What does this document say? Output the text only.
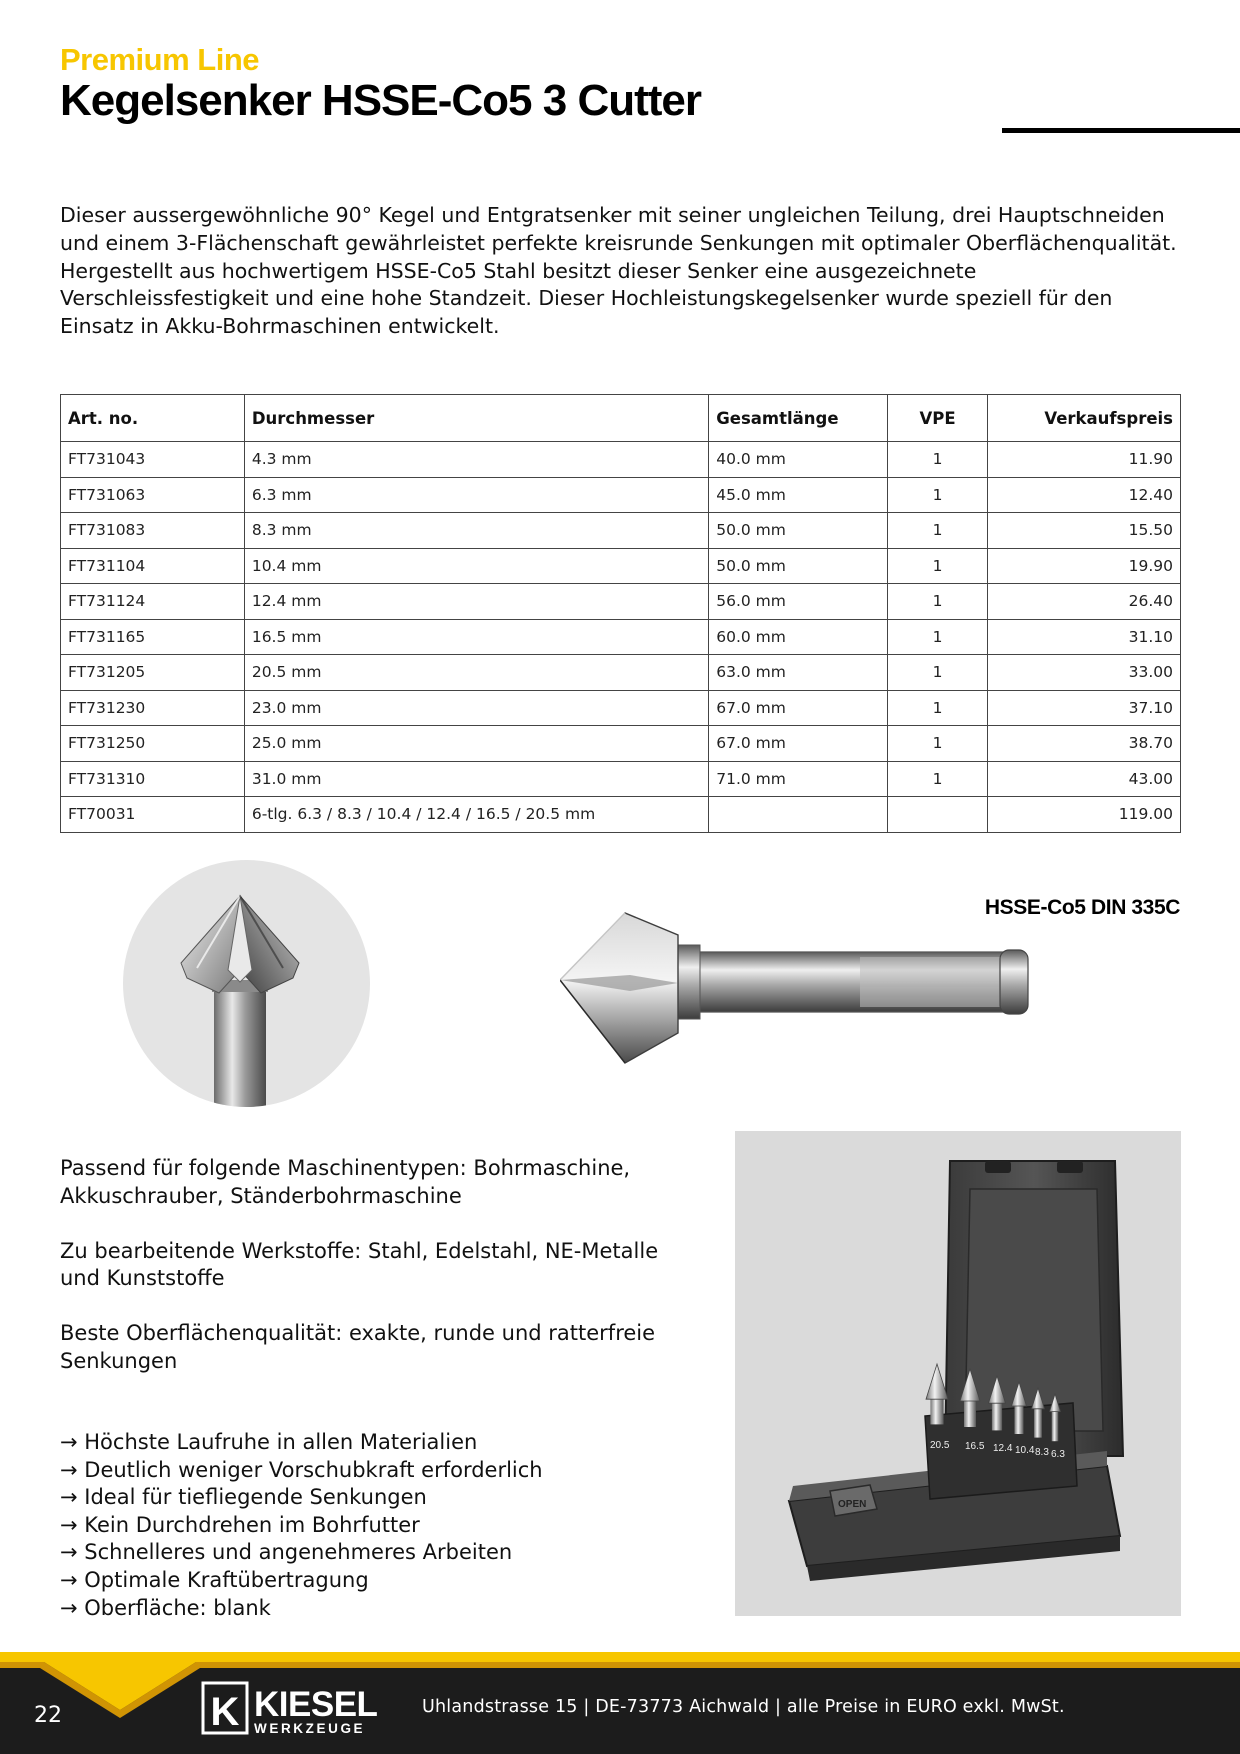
Premium Line
Kegelsenker HSSE-Co5 3 Cutter

Dieser aussergewöhnliche 90° Kegel und Entgratsenker mit seiner ungleichen Teilung, drei Hauptschneiden und einem 3-Flächenschaft gewährleistet perfekte kreisrunde Senkungen mit optimaler Oberflächenqualität. Hergestellt aus hochwertigem HSSE-Co5 Stahl besitzt dieser Senker eine ausgezeichnete Verschleissfestigkeit und eine hohe Standzeit. Dieser Hochleistungskegelsenker wurde speziell für den Einsatz in Akku-Bohrmaschinen entwickelt.

Art. no.	Durchmesser	Gesamtlänge	VPE	Verkaufspreis
FT731043	4.3 mm	40.0 mm	1	11.90
FT731063	6.3 mm	45.0 mm	1	12.40
FT731083	8.3 mm	50.0 mm	1	15.50
FT731104	10.4 mm	50.0 mm	1	19.90
FT731124	12.4 mm	56.0 mm	1	26.40
FT731165	16.5 mm	60.0 mm	1	31.10
FT731205	20.5 mm	63.0 mm	1	33.00
FT731230	23.0 mm	67.0 mm	1	37.10
FT731250	25.0 mm	67.0 mm	1	38.70
FT731310	31.0 mm	71.0 mm	1	43.00
FT70031	6-tlg. 6.3 / 8.3 / 10.4 / 12.4 / 16.5 / 20.5 mm			119.00
HSSE-Co5 DIN 335C

Passend für folgende Maschinentypen: Bohrmaschine, Akkuschrauber, Ständerbohrmaschine

Zu bearbeitende Werkstoffe: Stahl, Edelstahl, NE-Metalle und Kunststoffe

Beste Oberflächenqualität: exakte, runde und ratterfreie Senkungen

→ Höchste Laufruhe in allen Materialien
→ Deutlich weniger Vorschubkraft erforderlich
→ Ideal für tiefliegende Senkungen
→ Kein Durchdrehen im Bohrfutter
→ Schnelleres und angenehmeres Arbeiten
→ Optimale Kraftübertragung
→ Oberfläche: blank
20.5 16.5 12.4 10.4 8.3 6.3
OPEN
22	K KIESEL
WERKZEUGE
Uhlandstrasse 15 | DE-73773 Aichwald | alle Preise in EURO exkl. MwSt.
